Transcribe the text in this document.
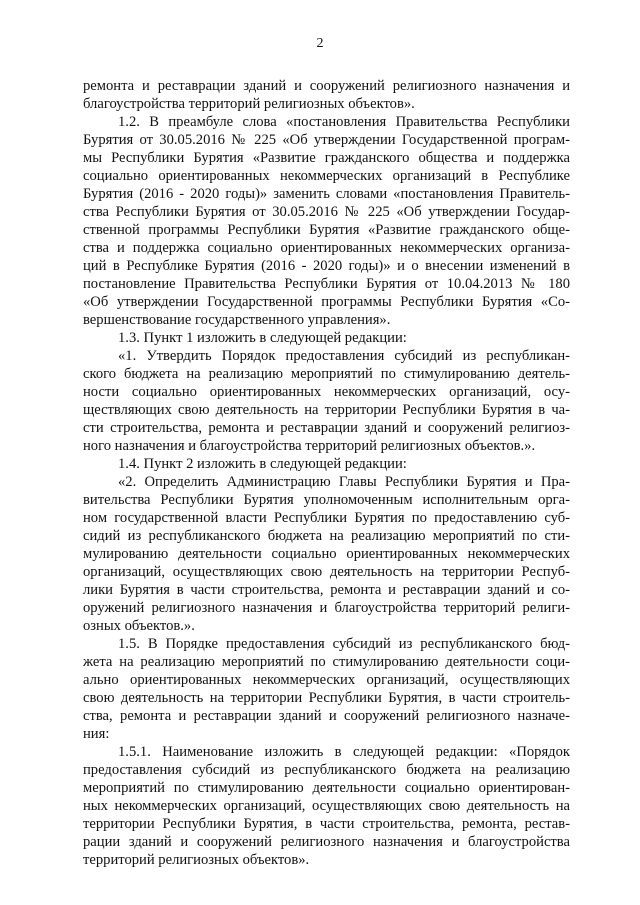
2
ремонта и реставрации зданий и сооружений религиозного назначения и
благоустройства территорий религиозных объектов».
1.2. В преамбуле слова «постановления Правительства Республики
Бурятия от 30.05.2016 № 225 «Об утверждении Государственной програм-
мы Республики Бурятия «Развитие гражданского общества и поддержка
социально ориентированных некоммерческих организаций в Республике
Бурятия (2016 - 2020 годы)» заменить словами «постановления Правитель-
ства Республики Бурятия от 30.05.2016 № 225 «Об утверждении Государ-
ственной программы Республики Бурятия «Развитие гражданского обще-
ства и поддержка социально ориентированных некоммерческих организа-
ций в Республике Бурятия (2016 - 2020 годы)» и о внесении изменений в
постановление Правительства Республики Бурятия от 10.04.2013 № 180
«Об утверждении Государственной программы Республики Бурятия «Со-
вершенствование государственного управления».
1.3. Пункт 1 изложить в следующей редакции:
«1. Утвердить Порядок предоставления субсидий из республикан-
ского бюджета на реализацию мероприятий по стимулированию деятель-
ности социально ориентированных некоммерческих организаций, осу-
ществляющих свою деятельность на территории Республики Бурятия в ча-
сти строительства, ремонта и реставрации зданий и сооружений религиоз-
ного назначения и благоустройства территорий религиозных объектов.».
1.4. Пункт 2 изложить в следующей редакции:
«2. Определить Администрацию Главы Республики Бурятия и Пра-
вительства Республики Бурятия уполномоченным исполнительным орга-
ном государственной власти Республики Бурятия по предоставлению суб-
сидий из республиканского бюджета на реализацию мероприятий по сти-
мулированию деятельности социально ориентированных некоммерческих
организаций, осуществляющих свою деятельность на территории Респуб-
лики Бурятия в части строительства, ремонта и реставрации зданий и со-
оружений религиозного назначения и благоустройства территорий религи-
озных объектов.».
1.5. В Порядке предоставления субсидий из республиканского бюд-
жета на реализацию мероприятий по стимулированию деятельности соци-
ально ориентированных некоммерческих организаций, осуществляющих
свою деятельность на территории Республики Бурятия, в части строитель-
ства, ремонта и реставрации зданий и сооружений религиозного назначе-
ния:
1.5.1. Наименование изложить в следующей редакции: «Порядок
предоставления субсидий из республиканского бюджета на реализацию
мероприятий по стимулированию деятельности социально ориентирован-
ных некоммерческих организаций, осуществляющих свою деятельность на
территории Республики Бурятия, в части строительства, ремонта, рестав-
рации зданий и сооружений религиозного назначения и благоустройства
территорий религиозных объектов».
